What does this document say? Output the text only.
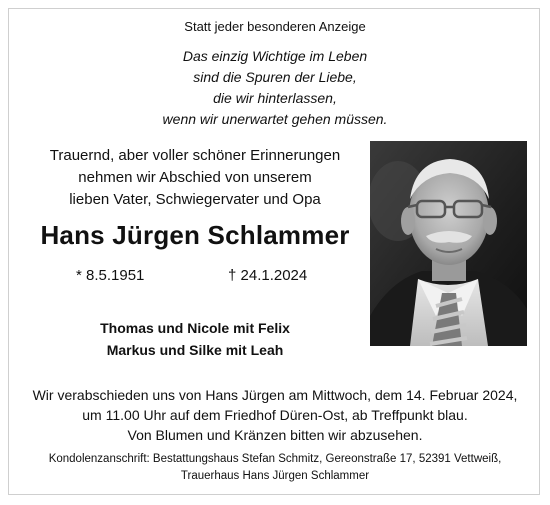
Statt jeder besonderen Anzeige
Das einzig Wichtige im Leben
sind die Spuren der Liebe,
die wir hinterlassen,
wenn wir unerwartet gehen müssen.
Trauernd, aber voller schöner Erinnerungen
nehmen wir Abschied von unserem
lieben Vater, Schwiegervater und Opa
Hans Jürgen Schlammer
* 8.5.1951	† 24.1.2024
Thomas und Nicole mit Felix
Markus und Silke mit Leah
Wir verabschieden uns von Hans Jürgen am Mittwoch, dem 14. Februar 2024,
um 11.00 Uhr auf dem Friedhof Düren-Ost, ab Treffpunkt blau.
Von Blumen und Kränzen bitten wir abzusehen.
Kondolenzanschrift: Bestattungshaus Stefan Schmitz, Gereonstraße 17, 52391 Vettweiß,
Trauerhaus Hans Jürgen Schlammer
